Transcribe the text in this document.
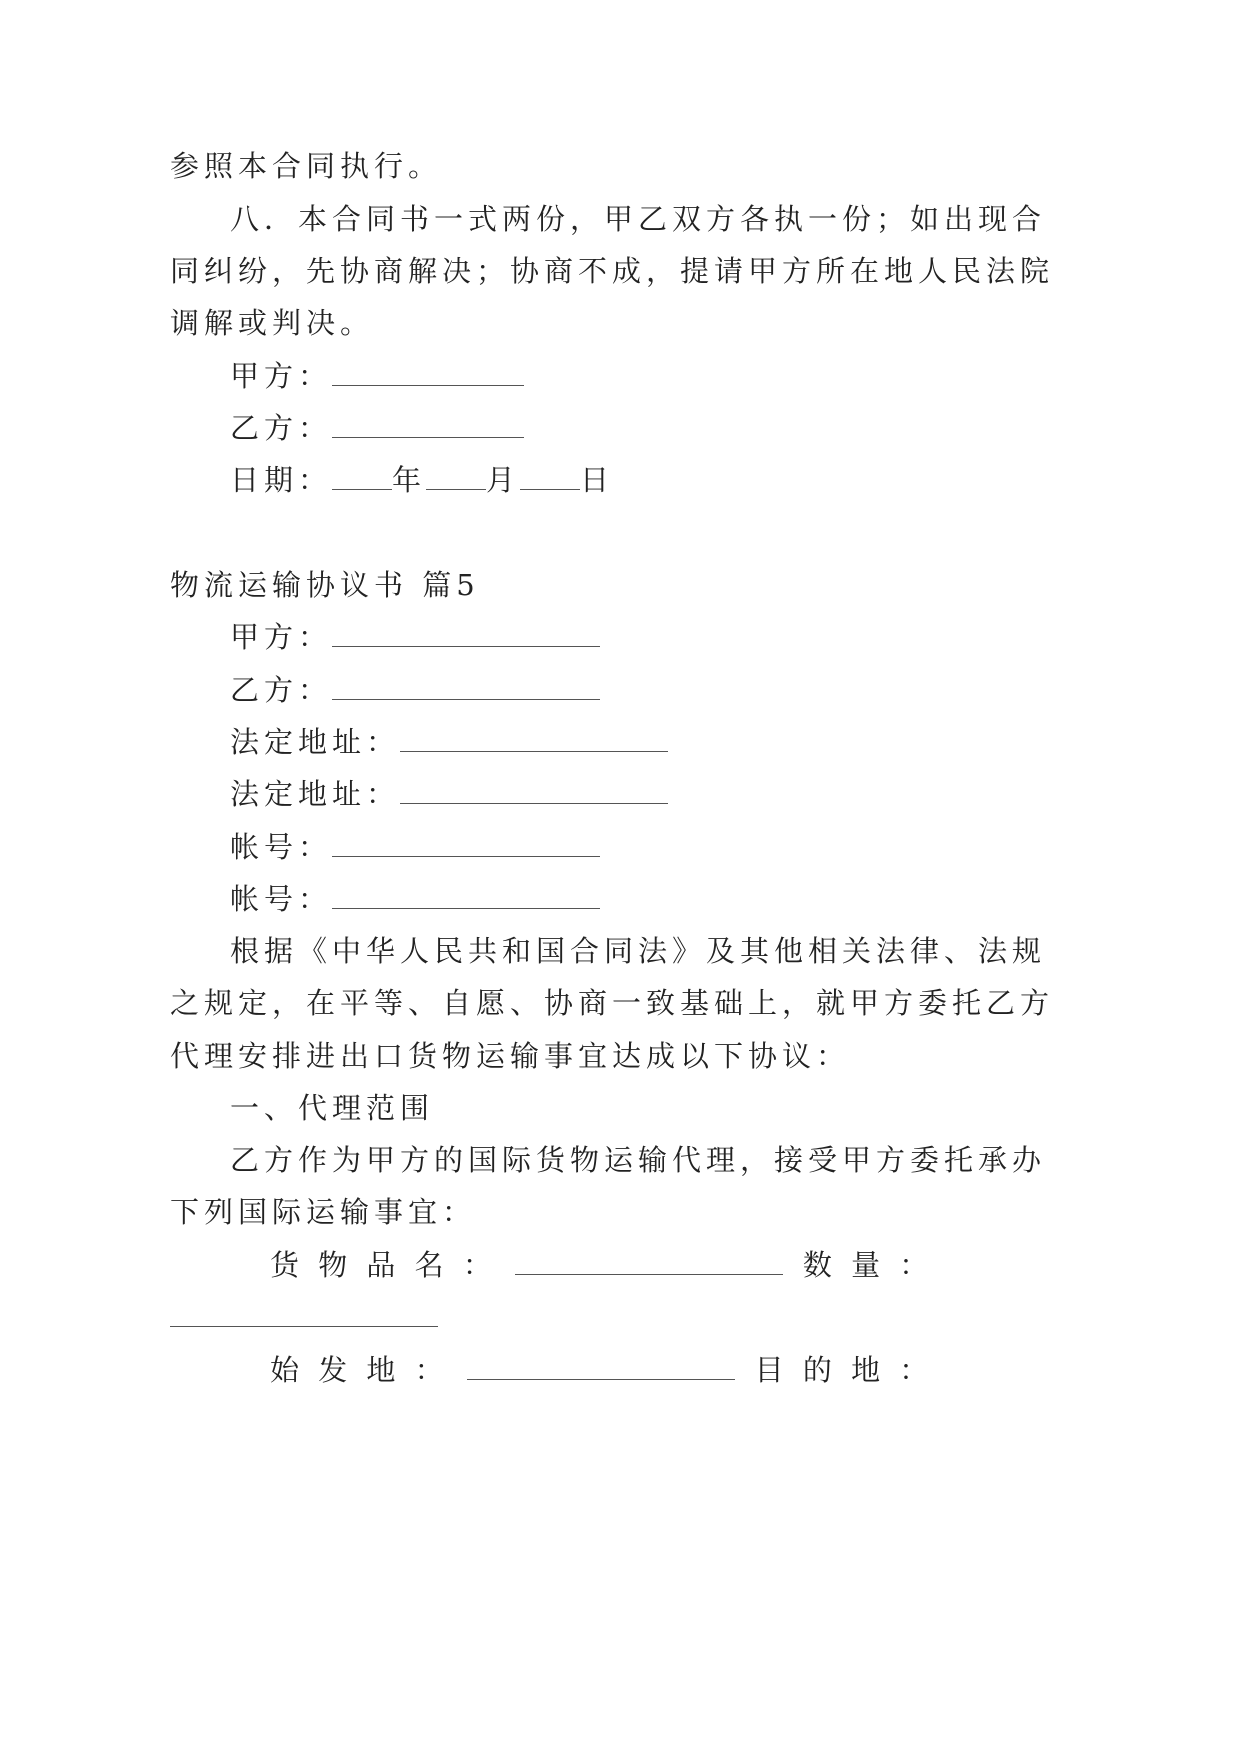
参照本合同执行。
八．本合同书一式两份，甲乙双方各执一份；如出现合
同纠纷，先协商解决；协商不成，提请甲方所在地人民法院
调解或判决。
甲方：
乙方：
日期： 年 月 日
物流运输协议书 篇5
甲方：
乙方：
法定地址：
法定地址：
帐号：
帐号：
根据《中华人民共和国合同法》及其他相关法律、法规
之规定，在平等、自愿、协商一致基础上，就甲方委托乙方
代理安排进出口货物运输事宜达成以下协议：
一、代理范围
乙方作为甲方的国际货物运输代理，接受甲方委托承办
下列国际运输事宜：
货 物 品 名 ：	数 量 ：
始 发 地 ：	目 的 地 ：
